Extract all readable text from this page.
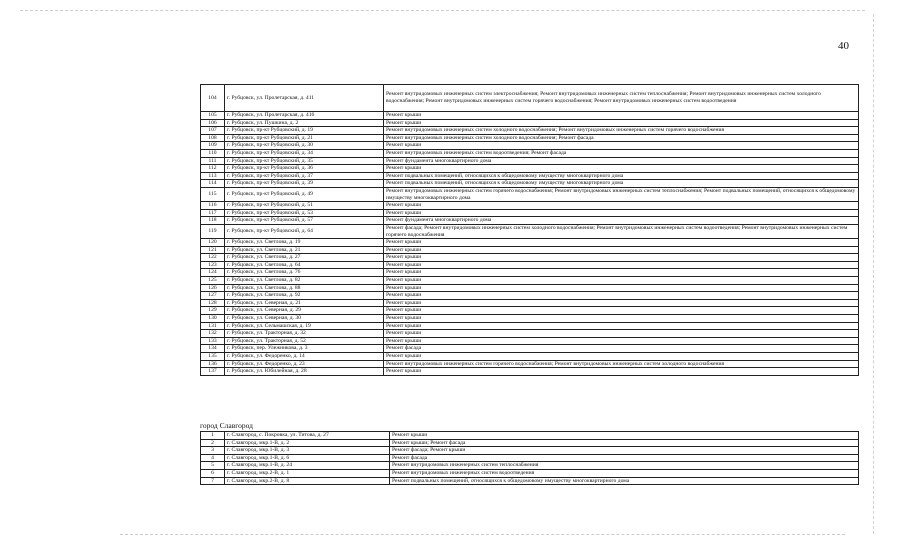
40
104	г. Рубцовск, ул. Пролетарская, д. 411	Ремонт внутридомовых инженерных систем электроснабжения; Ремонт внутридомовых инженерных систем теплоснабжения; Ремонт внутридомовых инженерных систем холодного водоснабжения; Ремонт внутридомовых инженерных систем горячего водоснабжения; Ремонт внутридомовых инженерных систем водоотведения
105	г. Рубцовск, ул. Пролетарская, д. 416	Ремонт крыши
106	г. Рубцовск, ул. Пушкина, д. 2	Ремонт крыши
107	г. Рубцовск, пр-кт Рубцовский, д. 19	Ремонт внутридомовых инженерных систем холодного водоснабжения; Ремонт внутридомовых инженерных систем горячего водоснабжения
108	г. Рубцовск, пр-кт Рубцовский, д. 21	Ремонт внутридомовых инженерных систем холодного водоснабжения; Ремонт фасада
109	г. Рубцовск, пр-кт Рубцовский, д. 30	Ремонт крыши
110	г. Рубцовск, пр-кт Рубцовский, д. 34	Ремонт внутридомовых инженерных систем водоотведения; Ремонт фасада
111	г. Рубцовск, пр-кт Рубцовский, д. 35	Ремонт фундамента многоквартирного дома
112	г. Рубцовск, пр-кт Рубцовский, д. 36	Ремонт крыши
113	г. Рубцовск, пр-кт Рубцовский, д. 37	Ремонт подвальных помещений, относящихся к общедомовому имуществу многоквартирного дома
114	г. Рубцовск, пр-кт Рубцовский, д. 39	Ремонт подвальных помещений, относящихся к общедомовому имуществу многоквартирного дома
115	г. Рубцовск, пр-кт Рубцовский, д. 49	Ремонт внутридомовых инженерных систем горячего водоснабжения; Ремонт внутридомовых инженерных систем теплоснабжения; Ремонт подвальных помещений, относящихся к общедомовому имуществу многоквартирного дома
116	г. Рубцовск, пр-кт Рубцовский, д. 51	Ремонт крыши
117	г. Рубцовск, пр-кт Рубцовский, д. 53	Ремонт крыши
118	г. Рубцовск, пр-кт Рубцовский, д. 57	Ремонт фундамента многоквартирного дома
119	г. Рубцовск, пр-кт Рубцовский, д. 64	Ремонт фасада; Ремонт внутридомовых инженерных систем холодного водоснабжения; Ремонт внутридомовых инженерных систем водоотведения; Ремонт внутридомовых инженерных систем горячего водоснабжения
120	г. Рубцовск, ул. Светлова, д. 19	Ремонт крыши
121	г. Рубцовск, ул. Светлова, д. 21	Ремонт крыши
122	г. Рубцовск, ул. Светлова, д. 27	Ремонт крыши
123	г. Рубцовск, ул. Светлова, д. 64	Ремонт крыши
124	г. Рубцовск, ул. Светлова, д. 76	Ремонт крыши
125	г. Рубцовск, ул. Светлова, д. 82	Ремонт крыши
126	г. Рубцовск, ул. Светлова, д. 88	Ремонт крыши
127	г. Рубцовск, ул. Светлова, д. 92	Ремонт крыши
128	г. Рубцовск, ул. Северная, д. 21	Ремонт крыши
129	г. Рубцовск, ул. Северная, д. 29	Ремонт крыши
130	г. Рубцовск, ул. Северная, д. 30	Ремонт крыши
131	г. Рубцовск, ул. Сельмашская, д. 19	Ремонт крыши
132	г. Рубцовск, ул. Тракторная, д. 32	Ремонт крыши
133	г. Рубцовск, ул. Тракторная, д. 52	Ремонт крыши
134	г. Рубцовск, пер. Улежникова, д. 3	Ремонт фасада
135	г. Рубцовск, ул. Федоренко, д. 14	Ремонт крыши
136	г. Рубцовск, ул. Федоренко, д. 23	Ремонт внутридомовых инженерных систем горячего водоснабжения; Ремонт внутридомовых инженерных систем холодного водоснабжения
137	г. Рубцовск, ул. Юбилейная, д. 28	Ремонт крыши
город Славгород
1	г. Славгород, с. Покровка, ул. Титова, д. 27	Ремонт крыши
2	г. Славгород, мкр.1-В, д. 2	Ремонт крыши; Ремонт фасада
3	г. Славгород, мкр.1-В, д. 3	Ремонт фасада; Ремонт крыши
4	г. Славгород, мкр.1-В, д. 6	Ремонт фасада
5	г. Славгород, мкр.1-В, д. 24	Ремонт внутридомовых инженерных систем теплоснабжения
6	г. Славгород, мкр.2-В, д. 1	Ремонт внутридомовых инженерных систем водоотведения
7	г. Славгород, мкр.2-В, д. 8	Ремонт подвальных помещений, относящихся к общедомовому имуществу многоквартирного дома
